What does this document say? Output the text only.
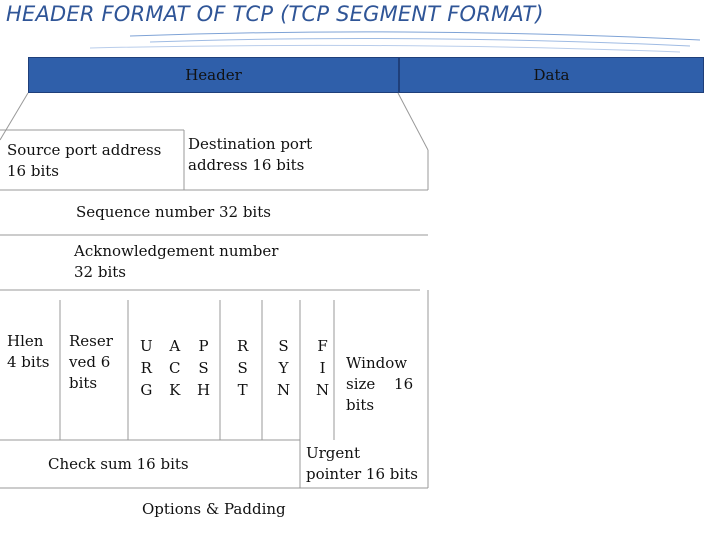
HEADER FORMAT OF TCP (TCP SEGMENT FORMAT)
Header	Data
Source port address
16 bits
Destination port
address 16 bits
Sequence number 32 bits
Acknowledgement number
32 bits
Hlen
4 bits
Reser
ved 6
bits
U
R
G
A
C
K
P
S
H
R
S
T
S
Y
N
F
I
N
Window
size 16
bits
Check sum 16 bits
Urgent
pointer 16 bits
Options & Padding
